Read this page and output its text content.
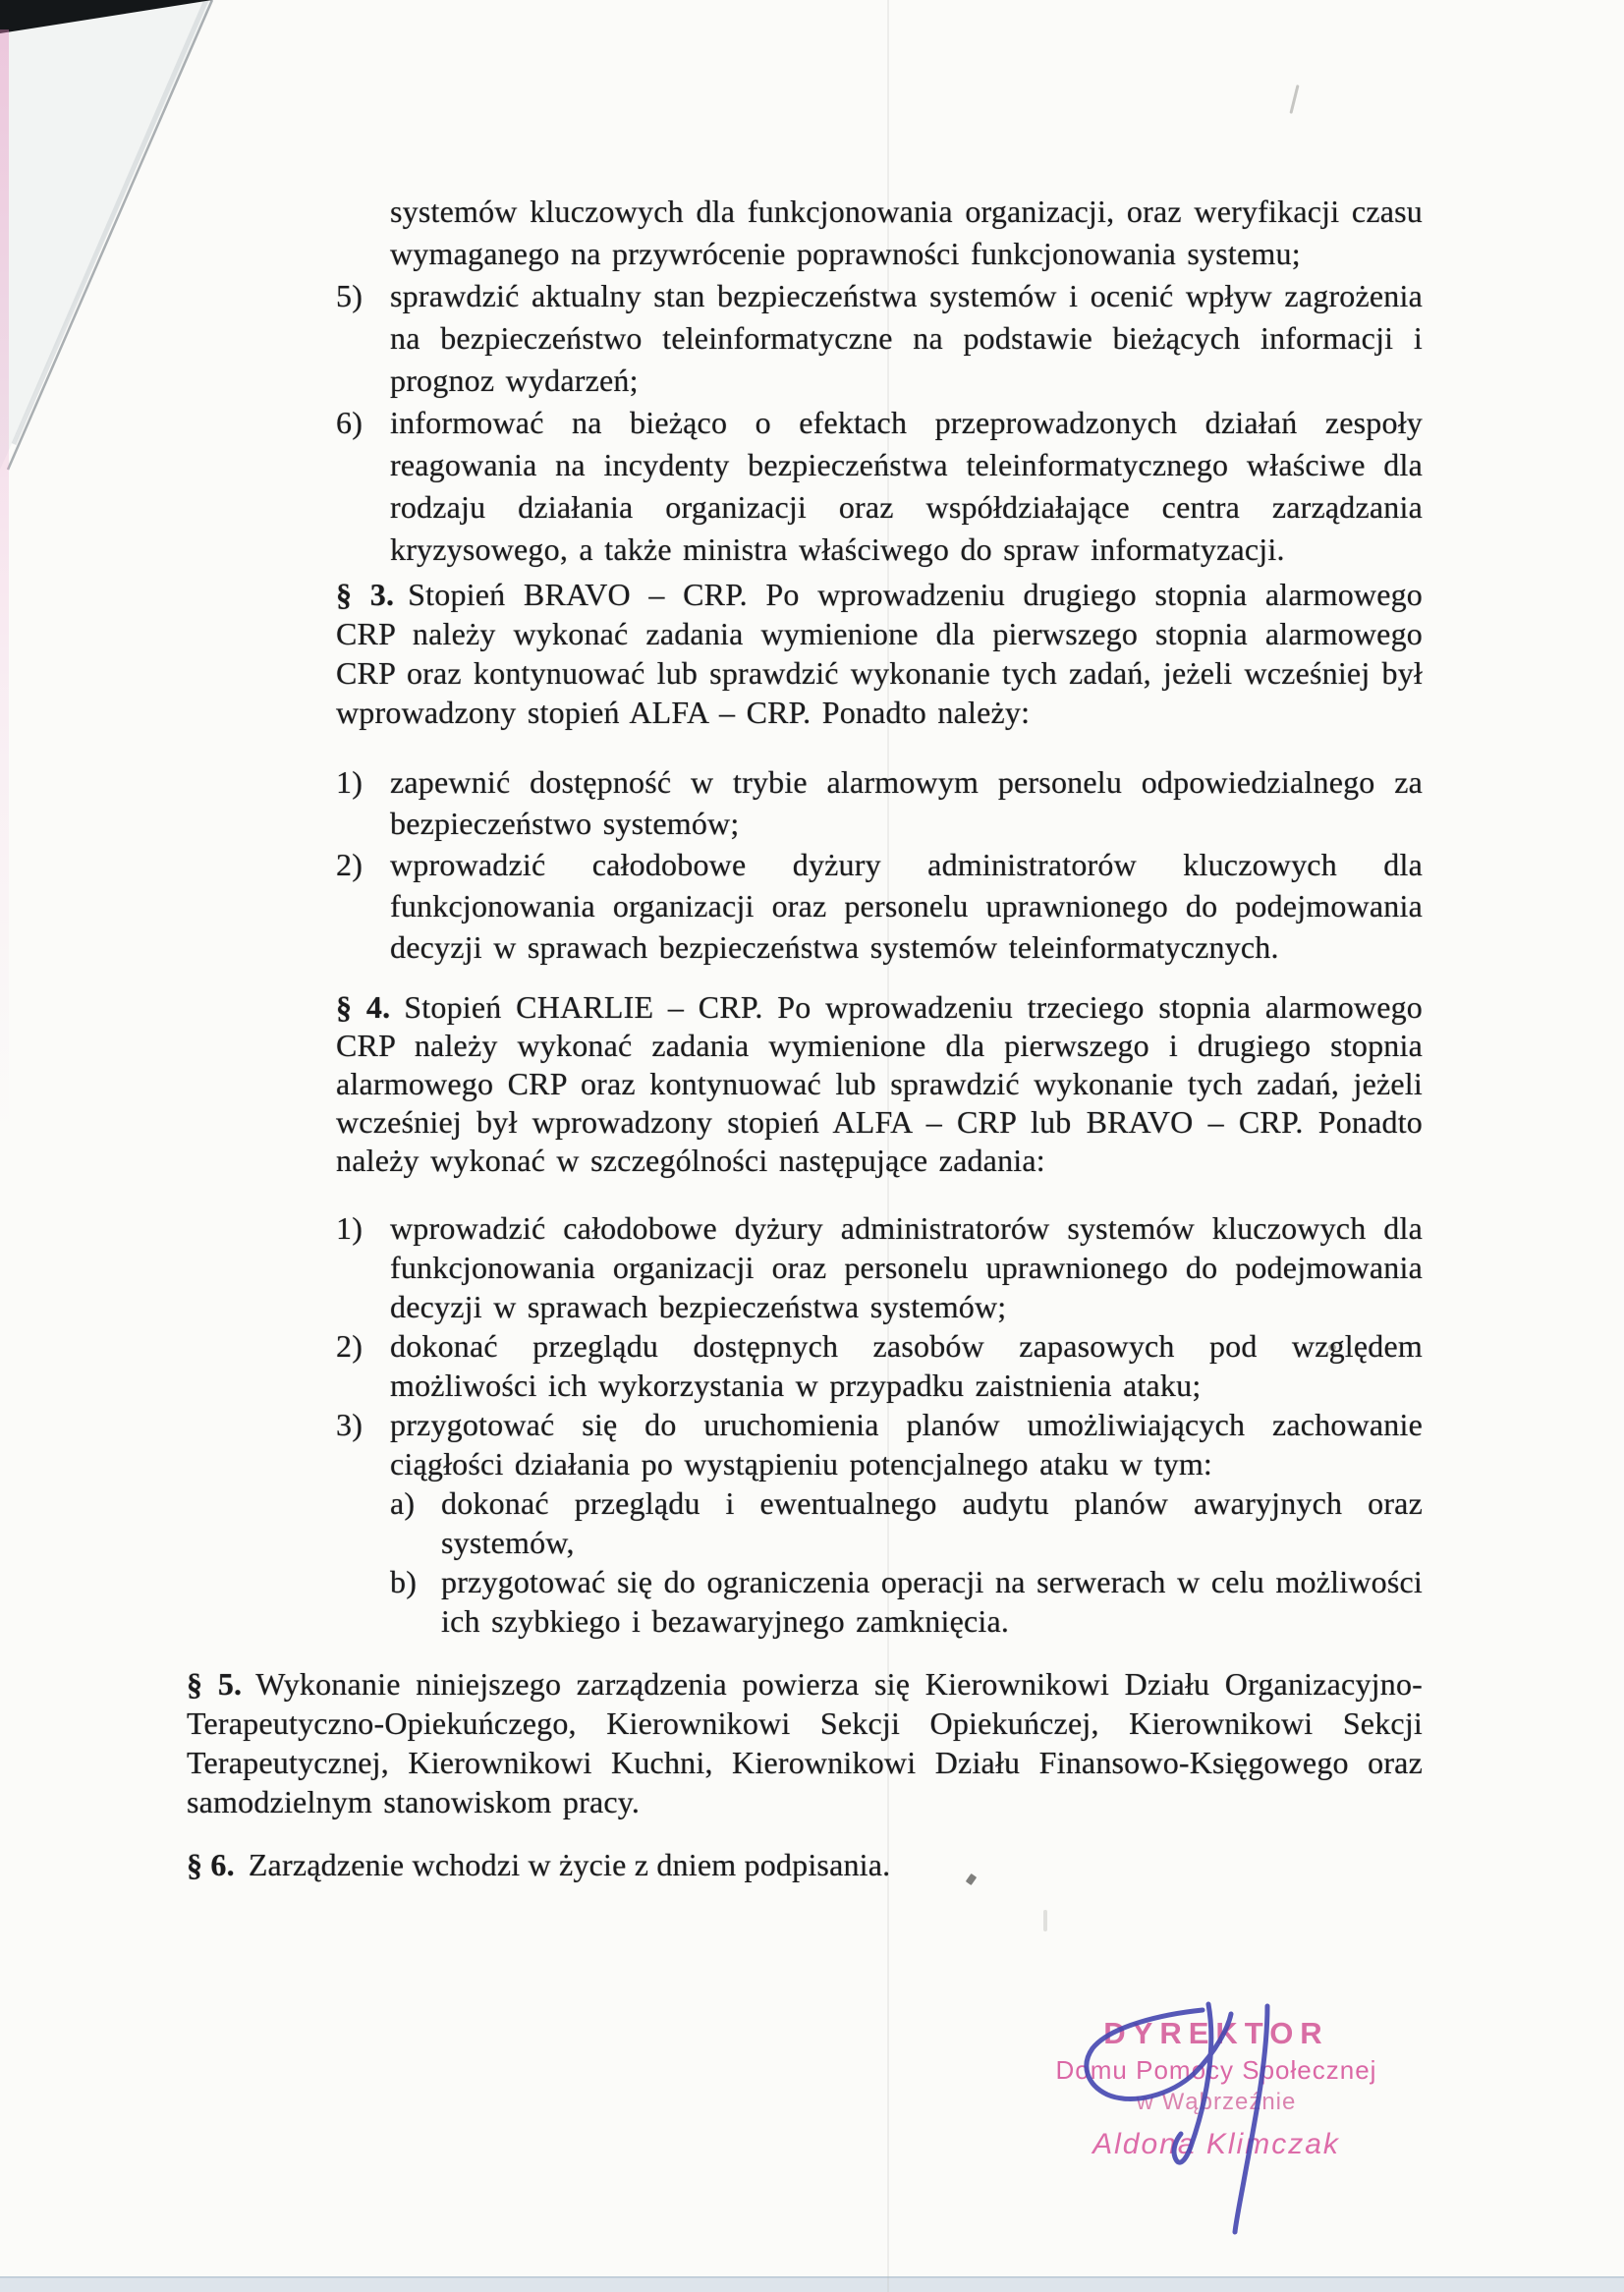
systemów kluczowych dla funkcjonowania organizacji, oraz weryfikacji czasu wymaganego na przywrócenie poprawności funkcjonowania systemu;
5) sprawdzić aktualny stan bezpieczeństwa systemów i ocenić wpływ zagrożenia na bezpieczeństwo teleinformatyczne na podstawie bieżących informacji i prognoz wydarzeń;
6) informować na bieżąco o efektach przeprowadzonych działań zespoły reagowania na incydenty bezpieczeństwa teleinformatycznego właściwe dla rodzaju działania organizacji oraz współdziałające centra zarządzania kryzysowego, a także ministra właściwego do spraw informatyzacji.
§ 3. Stopień BRAVO – CRP. Po wprowadzeniu drugiego stopnia alarmowego CRP należy wykonać zadania wymienione dla pierwszego stopnia alarmowego CRP oraz kontynuować lub sprawdzić wykonanie tych zadań, jeżeli wcześniej był wprowadzony stopień ALFA – CRP. Ponadto należy:
1) zapewnić dostępność w trybie alarmowym personelu odpowiedzialnego za bezpieczeństwo systemów;
2) wprowadzić całodobowe dyżury administratorów kluczowych dla funkcjonowania organizacji oraz personelu uprawnionego do podejmowania decyzji w sprawach bezpieczeństwa systemów teleinformatycznych.
§ 4. Stopień CHARLIE – CRP. Po wprowadzeniu trzeciego stopnia alarmowego CRP należy wykonać zadania wymienione dla pierwszego i drugiego stopnia alarmowego CRP oraz kontynuować lub sprawdzić wykonanie tych zadań, jeżeli wcześniej był wprowadzony stopień ALFA – CRP lub BRAVO – CRP. Ponadto należy wykonać w szczególności następujące zadania:
1) wprowadzić całodobowe dyżury administratorów systemów kluczowych dla funkcjonowania organizacji oraz personelu uprawnionego do podejmowania decyzji w sprawach bezpieczeństwa systemów;
2) dokonać przeglądu dostępnych zasobów zapasowych pod względem możliwości ich wykorzystania w przypadku zaistnienia ataku;
3) przygotować się do uruchomienia planów umożliwiających zachowanie ciągłości działania po wystąpieniu potencjalnego ataku w tym:
a) dokonać przeglądu i ewentualnego audytu planów awaryjnych oraz systemów,
b) przygotować się do ograniczenia operacji na serwerach w celu możliwości ich szybkiego i bezawaryjnego zamknięcia.
§ 5. Wykonanie niniejszego zarządzenia powierza się Kierownikowi Działu Organizacyjno-Terapeutyczno-Opiekuńczego, Kierownikowi Sekcji Opiekuńczej, Kierownikowi Sekcji Terapeutycznej, Kierownikowi Kuchni, Kierownikowi Działu Finansowo-Księgowego oraz samodzielnym stanowiskom pracy.
§ 6. Zarządzenie wchodzi w życie z dniem podpisania.
DYREKTOR
Domu Pomocy Społecznej
w Wąbrzeźnie
Aldona Klimczak
